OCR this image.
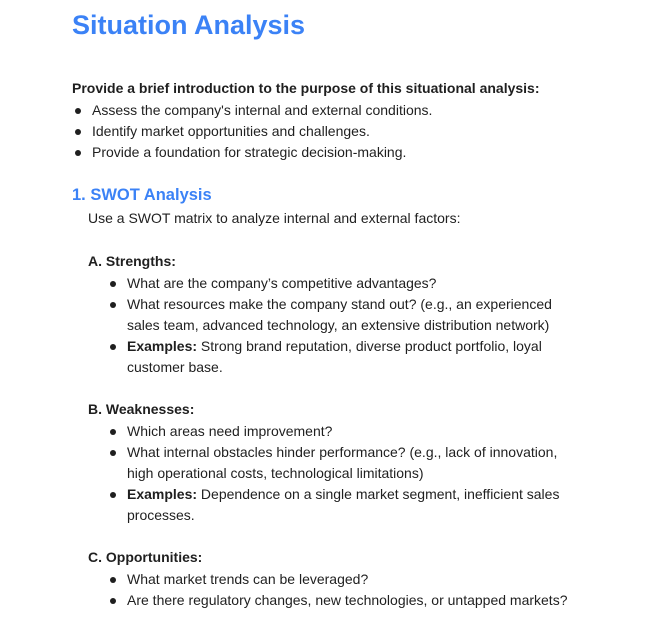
Situation Analysis
Provide a brief introduction to the purpose of this situational analysis:
Assess the company's internal and external conditions.
Identify market opportunities and challenges.
Provide a foundation for strategic decision-making.
1. SWOT Analysis
Use a SWOT matrix to analyze internal and external factors:
A. Strengths:
What are the company’s competitive advantages?
What resources make the company stand out? (e.g., an experienced sales team, advanced technology, an extensive distribution network)
Examples: Strong brand reputation, diverse product portfolio, loyal customer base.
B. Weaknesses:
Which areas need improvement?
What internal obstacles hinder performance? (e.g., lack of innovation, high operational costs, technological limitations)
Examples: Dependence on a single market segment, inefficient sales processes.
C. Opportunities:
What market trends can be leveraged?
Are there regulatory changes, new technologies, or untapped markets?
